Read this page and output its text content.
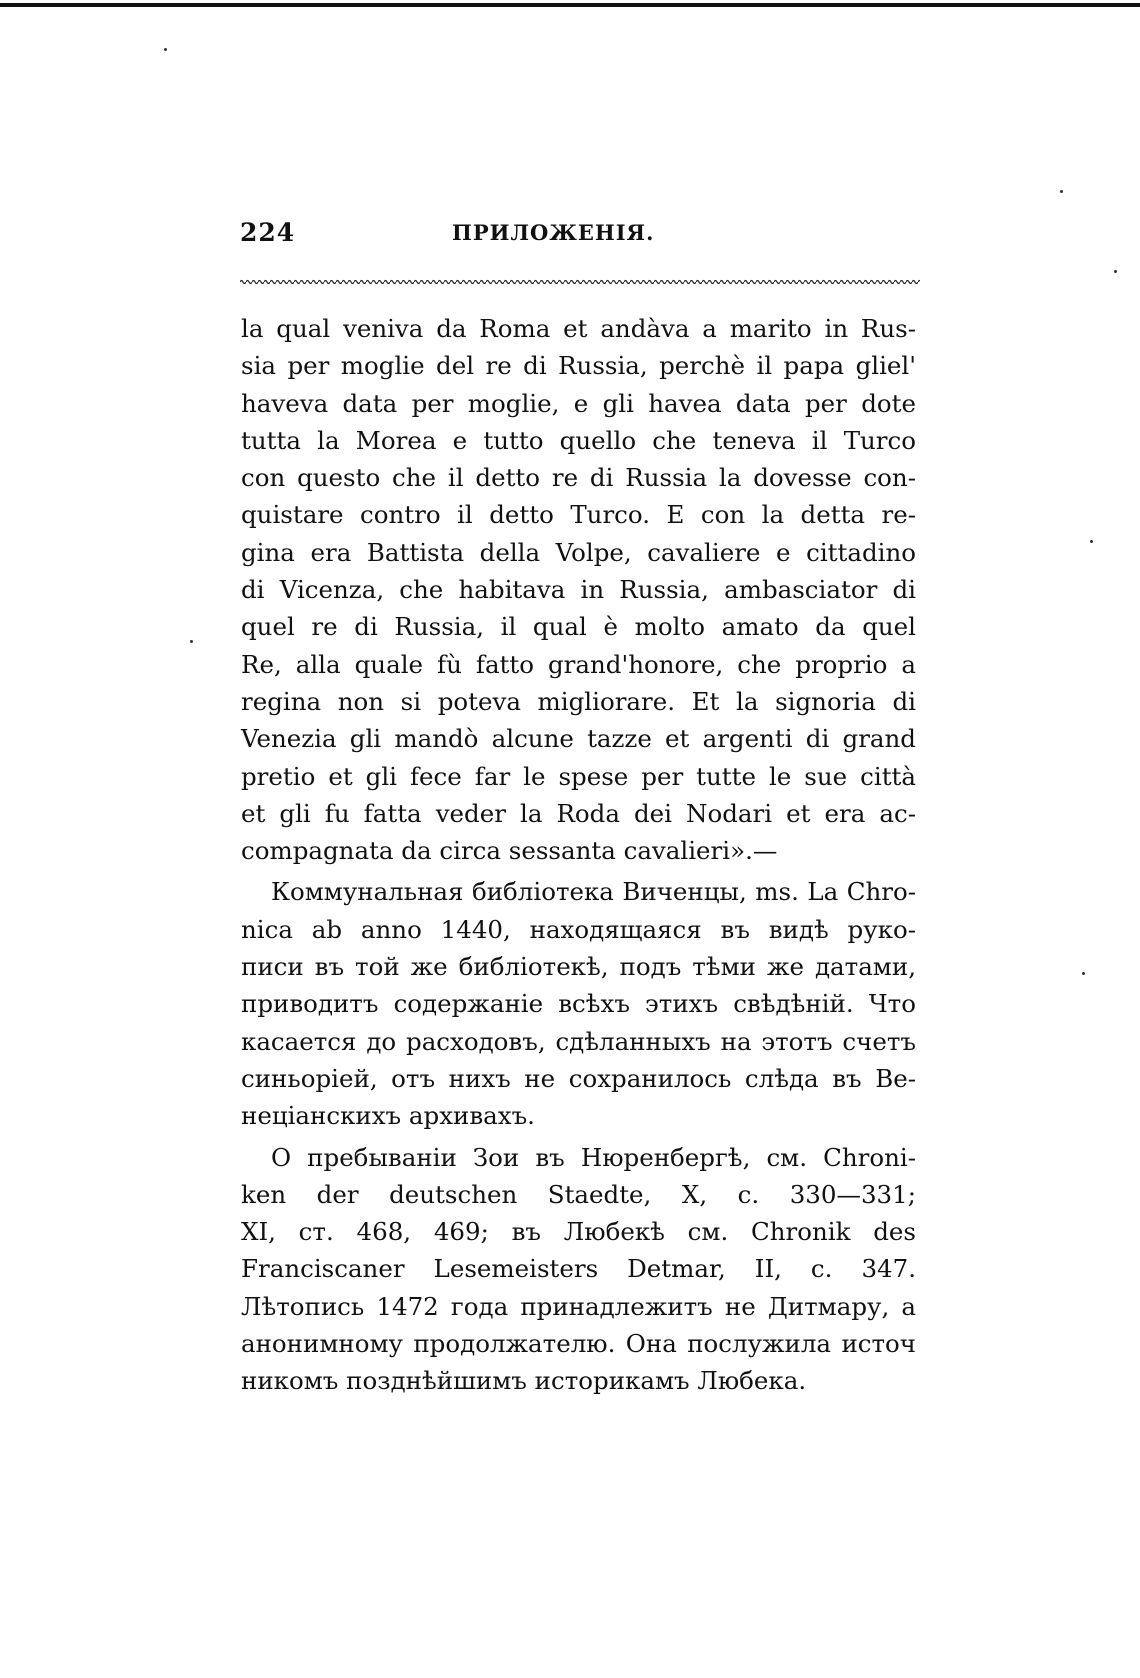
224	ПРИЛОЖЕНІЯ.
la qual veniva da Roma et andàva a marito in Rus-
sia per moglie del re di Russia, perchè il papa gliel'
haveva data per moglie, e gli havea data per dote
tutta la Morea e tutto quello che teneva il Turco
con questo che il detto re di Russia la dovesse con-
quistare contro il detto Turco. E con la detta re-
gina era Battista della Volpe, cavaliere e cittadino
di Vicenza, che habitava in Russia, ambasciator di
quel re di Russia, il qual è molto amato da quel
Re, alla quale fù fatto grand'honore, che proprio a
regina non si poteva migliorare. Et la signoria di
Venezia gli mandò alcune tazze et argenti di grand
pretio et gli fece far le spese per tutte le sue città
et gli fu fatta veder la Roda dei Nodari et era ac-
compagnata da circa sessanta cavalieri».—
Коммунальная библіотека Виченцы, ms. La Chro-
nica ab anno 1440, находящаяся въ видѣ руко-
писи въ той же библіотекѣ, подъ тѣми же датами,
приводитъ содержаніе всѣхъ этихъ свѣдѣній. Что
касается до расходовъ, сдѣланныхъ на этотъ счетъ
синьоріей, отъ нихъ не сохранилось слѣда въ Ве-
неціанскихъ архивахъ.
О пребываніи Зои въ Нюренбергѣ, см. Chroni-
ken der deutschen Staedte, X, c. 330—331;
XI, ст. 468, 469; въ Любекѣ см. Chronik des
Franciscaner Lesemeisters Detmar, II, c. 347.
Лѣтопись 1472 года принадлежитъ не Дитмару, а
анонимному продолжателю. Она послужила источ
никомъ позднѣйшимъ историкамъ Любека.
